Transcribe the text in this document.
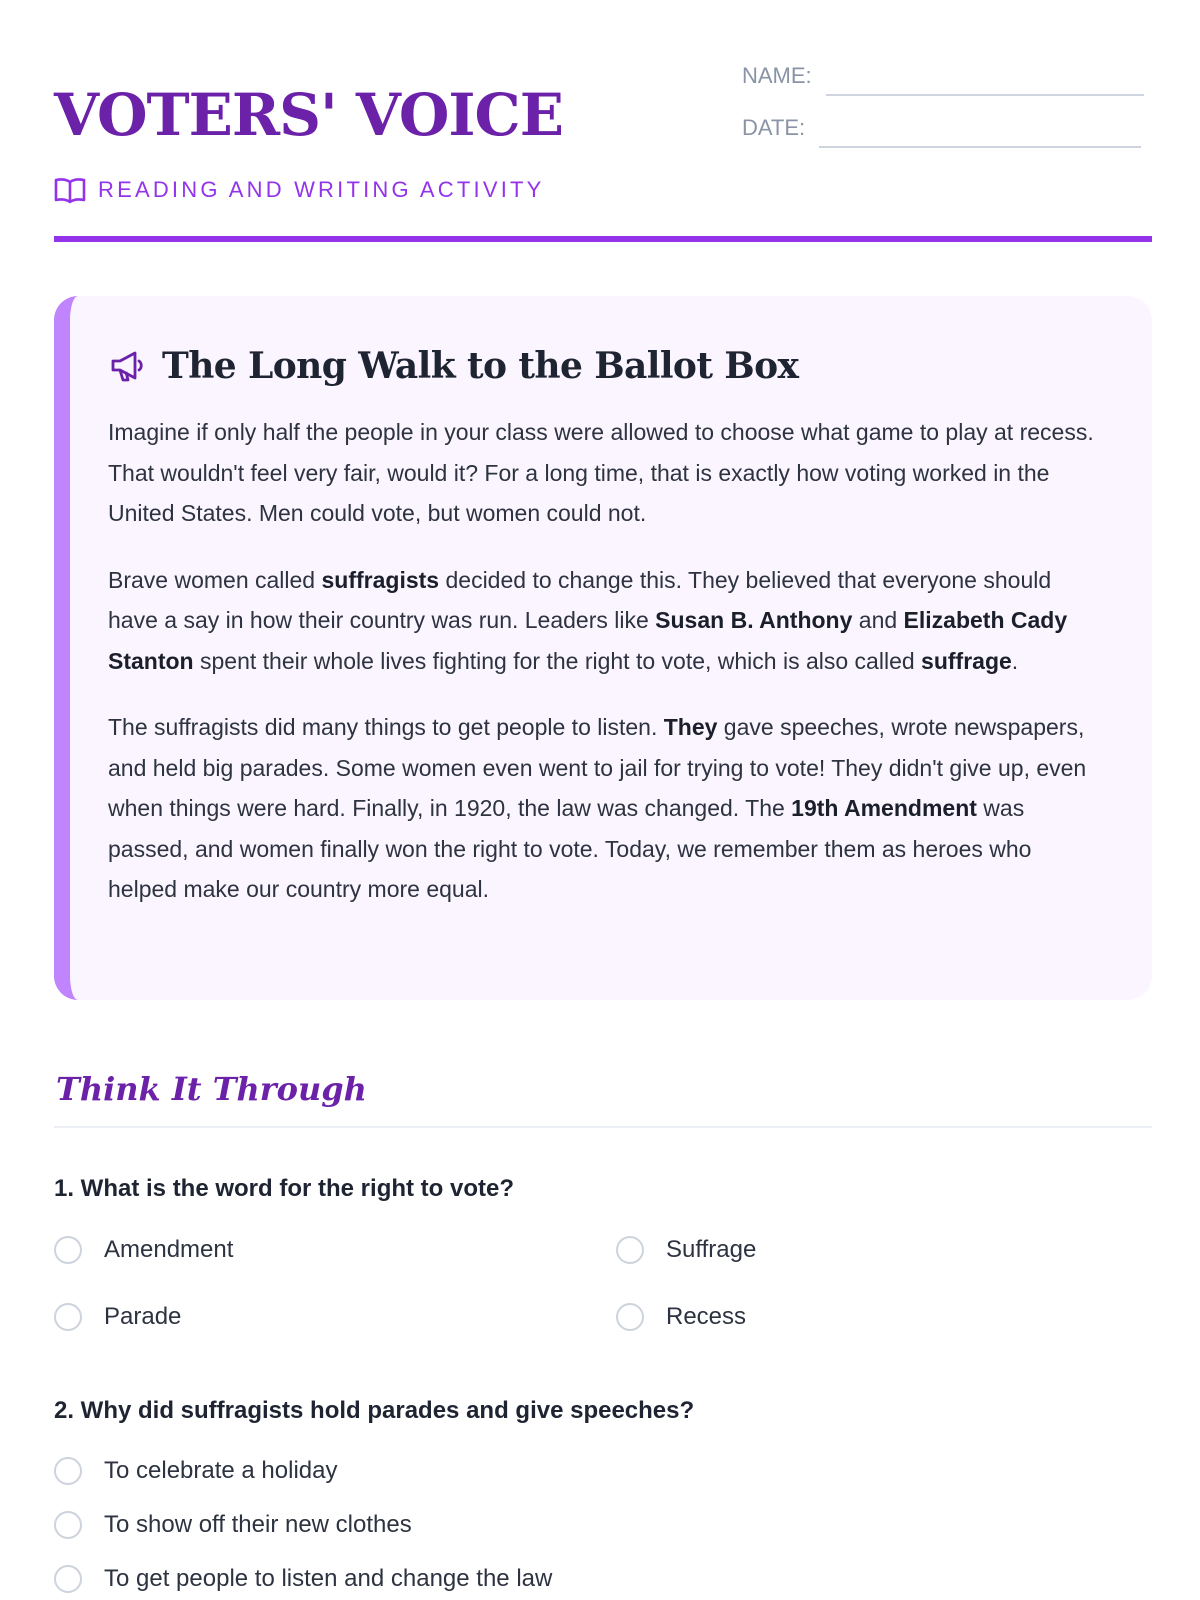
VOTERS' VOICE
READING AND WRITING ACTIVITY
NAME:
DATE:
The Long Walk to the Ballot Box

Imagine if only half the people in your class were allowed to choose what game to play at recess. That wouldn't feel very fair, would it? For a long time, that is exactly how voting worked in the United States. Men could vote, but women could not.

Brave women called suffragists decided to change this. They believed that everyone should have a say in how their country was run. Leaders like Susan B. Anthony and Elizabeth Cady Stanton spent their whole lives fighting for the right to vote, which is also called suffrage.

The suffragists did many things to get people to listen. They gave speeches, wrote newspapers, and held big parades. Some women even went to jail for trying to vote! They didn't give up, even when things were hard. Finally, in 1920, the law was changed. The 19th Amendment was passed, and women finally won the right to vote. Today, we remember them as heroes who helped make our country more equal.

Think It Through

1. What is the word for the right to vote?

Amendment	Suffrage
Parade	Recess

2. Why did suffragists hold parades and give speeches?

To celebrate a holiday
To show off their new clothes
To get people to listen and change the law
